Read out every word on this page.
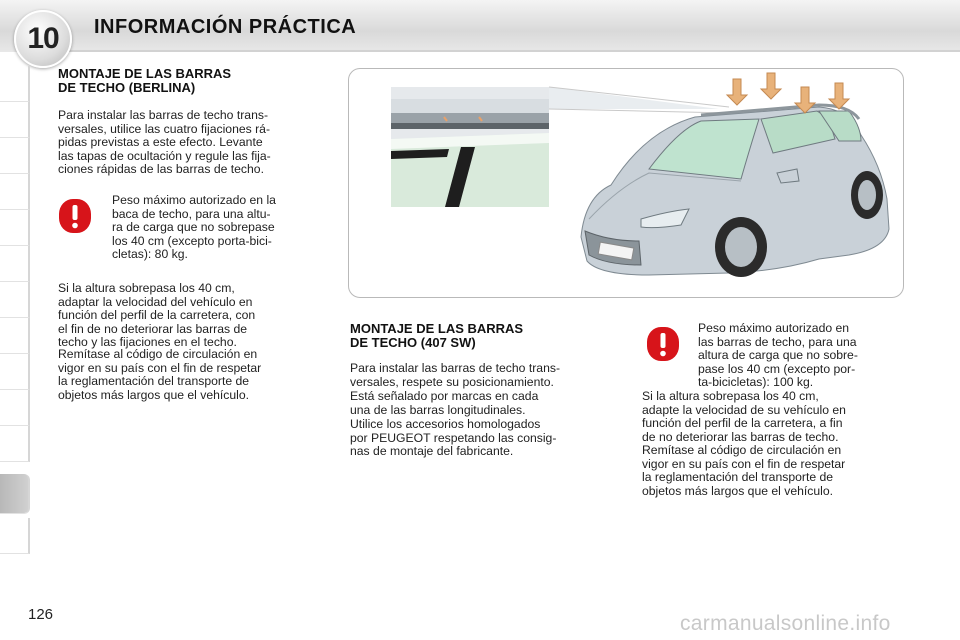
10 INFORMACIÓN PRÁCTICA
MONTAJE DE LAS BARRAS
DE TECHO (BERLINA)
Para instalar las barras de techo trans-
versales, utilice las cuatro fijaciones rá-
pidas previstas a este efecto. Levante
las tapas de ocultación y regule las fija-
ciones rápidas de las barras de techo.
Peso máximo autorizado en la
baca de techo, para una altu-
ra de carga que no sobrepase
los 40 cm (excepto porta-bici-
cletas): 80 kg.
Si la altura sobrepasa los 40 cm,
adaptar la velocidad del vehículo en
función del perfil de la carretera, con
el fin de no deteriorar las barras de
techo y las fijaciones en el techo.
Remítase al código de circulación en
vigor en su país con el fin de respetar
la reglamentación del transporte de
objetos más largos que el vehículo.
MONTAJE DE LAS BARRAS
DE TECHO (407 SW)
Para instalar las barras de techo trans-
versales, respete su posicionamiento.
Está señalado por marcas en cada
una de las barras longitudinales.
Utilice los accesorios homologados
por PEUGEOT respetando las consig-
nas de montaje del fabricante.
Peso máximo autorizado en
las barras de techo, para una
altura de carga que no sobre-
pase los 40 cm (excepto por-
ta-bicicletas): 100 kg.
Si la altura sobrepasa los 40 cm,
adapte la velocidad de su vehículo en
función del perfil de la carretera, a fin
de no deteriorar las barras de techo.
Remítase al código de circulación en
vigor en su país con el fin de respetar
la reglamentación del transporte de
objetos más largos que el vehículo.
126	carmanualsonline.info
